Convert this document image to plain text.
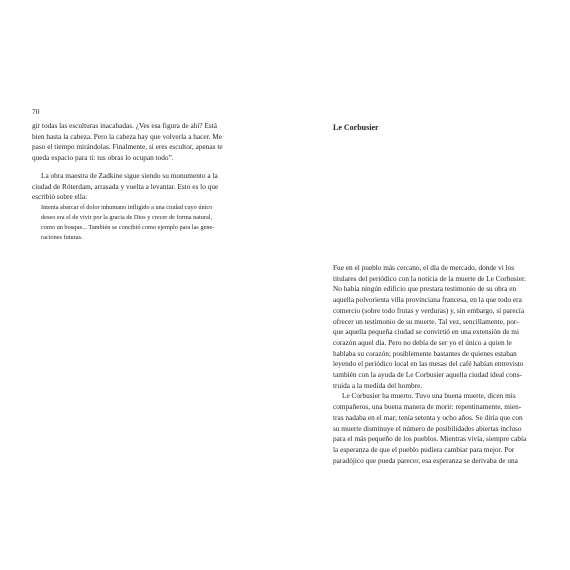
70

gir todas las esculturas inacabadas. ¿Ves esa figura de ahí? Está
bien hasta la cabeza. Pero la cabeza hay que volverla a hacer. Me
paso el tiempo mirándolas. Finalmente, si eres escultor, apenas te
queda espacio para ti: tus obras lo ocupan todo”.

La obra maestra de Zadkine sigue siendo su monumento a la
ciudad de Róterdam, arrasada y vuelta a levantar. Esto es lo que
escribió sobre ella:

Intenta abarcar el dolor inhumano infligido a una ciudad cuyo único
deseo era el de vivir por la gracia de Dios y crecer de forma natural,
como un bosque... También se concibió como ejemplo para las gene-
raciones futuras.

Le Corbusier

Fue en el pueblo más cercano, el día de mercado, donde vi los
titulares del periódico con la noticia de la muerte de Le Corbusier.
No había ningún edificio que prestara testimonio de su obra en
aquella polvorienta villa provinciana francesa, en la que todo era
comercio (sobre todo frutas y verduras) y, sin embargo, sí parecía
ofrecer un testimonio de su muerte. Tal vez, sencillamente, por-
que aquella pequeña ciudad se convirtió en una extensión de mi
corazón aquel día. Pero no debía de ser yo el único a quien le
hablaba su corazón; posiblemente bastantes de quienes estaban
leyendo el periódico local en las mesas del café habían entrevisto
también con la ayuda de Le Corbusier aquella ciudad ideal cons-
truida a la medida del hombre.

Le Corbusier ha muerto. Tuvo una buena muerte, dicen mis
compañeros, una buena manera de morir: repentinamente, mien-
tras nadaba en el mar; tenía setenta y ocho años. Se diría que con
su muerte disminuye el número de posibilidades abiertas incluso
para el más pequeño de los pueblos. Mientras vivía, siempre cabía
la esperanza de que el pueblo pudiera cambiar para mejor. Por
paradójico que pueda parecer, esa esperanza se derivaba de una
